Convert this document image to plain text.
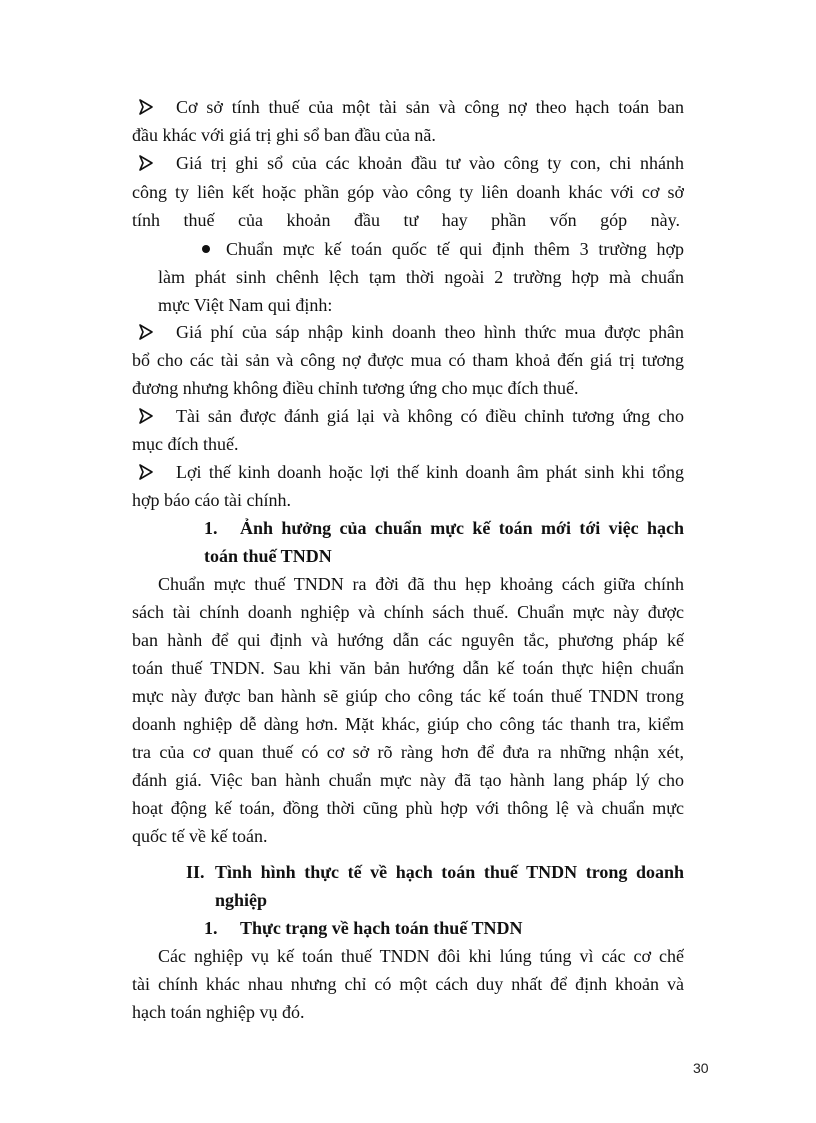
Cơ sở tính thuế của một tài sản và công nợ theo hạch toán ban
đầu khác với giá trị ghi sổ ban đầu của nã.
Giá trị ghi sổ của các khoản đầu tư vào công ty con, chi nhánh
công ty liên kết hoặc phần góp vào công ty liên doanh khác với cơ sở
tính thuế của khoản đầu tư hay phần vốn góp này.
Chuẩn mực kế toán quốc tế qui định thêm 3 trường hợp
làm phát sinh chênh lệch tạm thời ngoài 2 trường hợp mà chuẩn
mực Việt Nam qui định:
Giá phí của sáp nhập kinh doanh theo hình thức mua được phân
bổ cho các tài sản và công nợ được mua có tham khoả đến giá trị tương
đương nhưng không điều chỉnh tương ứng cho mục đích thuế.
Tài sản được đánh giá lại và không có điều chỉnh tương ứng cho
mục đích thuế.
Lợi thế kinh doanh hoặc lợi thế kinh doanh âm phát sinh khi tổng
hợp báo cáo tài chính.
1. Ảnh hưởng của chuẩn mực kế toán mới tới việc hạch
toán thuế TNDN
Chuẩn mực thuế TNDN ra đời đã thu hẹp khoảng cách giữa chính
sách tài chính doanh nghiệp và chính sách thuế. Chuẩn mực này được
ban hành để qui định và hướng dẫn các nguyên tắc, phương pháp kế
toán thuế TNDN. Sau khi văn bản hướng dẫn kế toán thực hiện chuẩn
mực này được ban hành sẽ giúp cho công tác kế toán thuế TNDN trong
doanh nghiệp dễ dàng hơn. Mặt khác, giúp cho công tác thanh tra, kiểm
tra của cơ quan thuế có cơ sở rõ ràng hơn để đưa ra những nhận xét,
đánh giá. Việc ban hành chuẩn mực này đã tạo hành lang pháp lý cho
hoạt động kế toán, đồng thời cũng phù hợp với thông lệ và chuẩn mực
quốc tế về kế toán.
II. Tình hình thực tế về hạch toán thuế TNDN trong doanh
nghiệp
1. Thực trạng về hạch toán thuế TNDN
Các nghiệp vụ kế toán thuế TNDN đôi khi lúng túng vì các cơ chế
tài chính khác nhau nhưng chỉ có một cách duy nhất để định khoản và
hạch toán nghiệp vụ đó.
30
